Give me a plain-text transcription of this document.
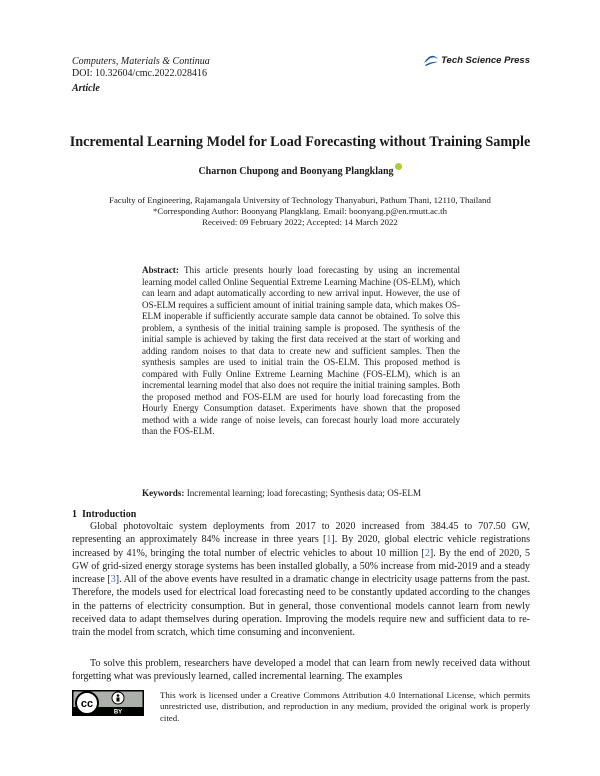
Computers, Materials & Continua
DOI: 10.32604/cmc.2022.028416
Article
Tech Science Press
Incremental Learning Model for Load Forecasting without Training Sample
Charnon Chupong and Boonyang Plangklang
Faculty of Engineering, Rajamangala University of Technology Thanyaburi, Pathum Thani, 12110, Thailand
*Corresponding Author: Boonyang Plangklang. Email: boonyang.p@en.rmutt.ac.th
Received: 09 February 2022; Accepted: 14 March 2022
Abstract: This article presents hourly load forecasting by using an incremental learning model called Online Sequential Extreme Learning Machine (OS-ELM), which can learn and adapt automatically according to new arrival input. However, the use of OS-ELM requires a sufficient amount of initial training sample data, which makes OS-ELM inoperable if sufficiently accurate sample data cannot be obtained. To solve this problem, a synthesis of the initial training sample is proposed. The synthesis of the initial sample is achieved by taking the first data received at the start of working and adding random noises to that data to create new and sufficient samples. Then the synthesis samples are used to initial train the OS-ELM. This proposed method is compared with Fully Online Extreme Learning Machine (FOS-ELM), which is an incremental learning model that also does not require the initial training samples. Both the proposed method and FOS-ELM are used for hourly load forecasting from the Hourly Energy Consumption dataset. Experiments have shown that the proposed method with a wide range of noise levels, can forecast hourly load more accurately than the FOS-ELM.
Keywords: Incremental learning; load forecasting; Synthesis data; OS-ELM
1 Introduction

Global photovoltaic system deployments from 2017 to 2020 increased from 384.45 to 707.50 GW, representing an approximately 84% increase in three years [1]. By 2020, global electric vehicle registrations increased by 41%, bringing the total number of electric vehicles to about 10 million [2]. By the end of 2020, 5 GW of grid-sized energy storage systems has been installed globally, a 50% increase from mid-2019 and a steady increase [3]. All of the above events have resulted in a dramatic change in electricity usage patterns from the past. Therefore, the models used for electrical load forecasting need to be constantly updated according to the changes in the patterns of electricity consumption. But in general, those conventional models cannot learn from newly received data to adapt themselves during operation. Improving the models require new and sufficient data to re-train the model from scratch, which time consuming and inconvenient.

To solve this problem, researchers have developed a model that can learn from newly received data without forgetting what was previously learned, called incremental learning. The examples

cc
BY
This work is licensed under a Creative Commons Attribution 4.0 International License, which permits unrestricted use, distribution, and reproduction in any medium, provided the original work is properly cited.
